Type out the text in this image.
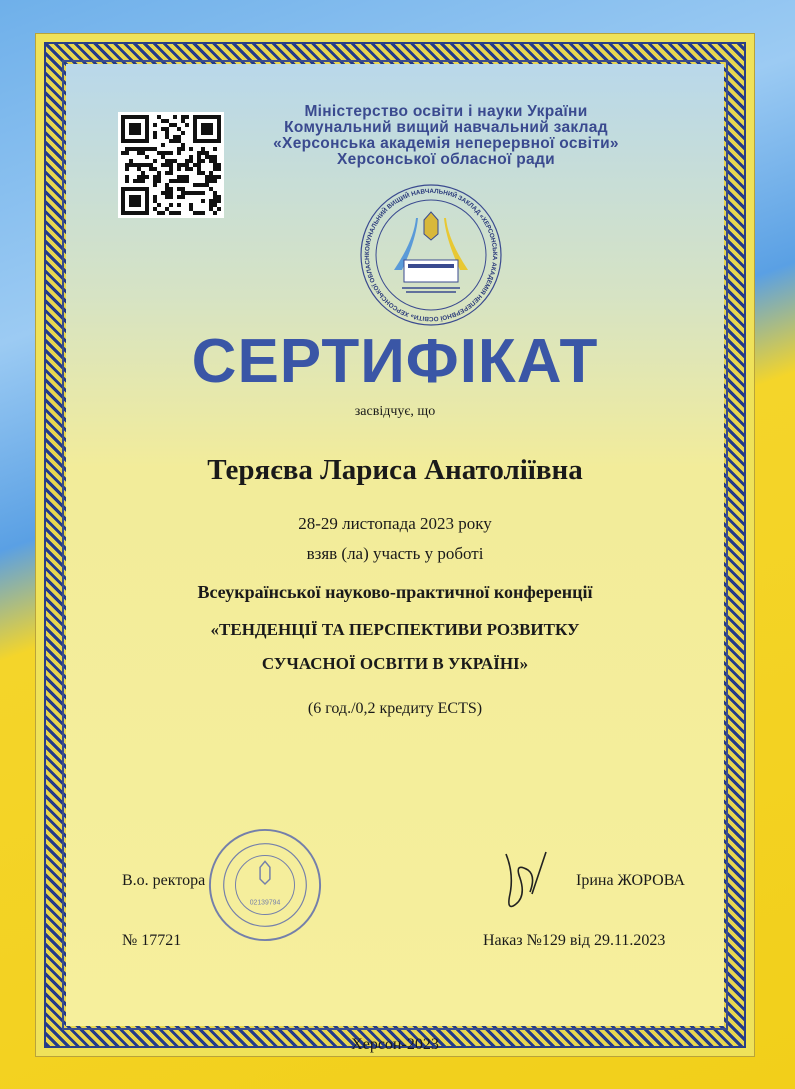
Міністерство освіти і науки України
Комунальний вищий навчальний заклад
«Херсонська академія неперервної освіти»
Херсонської обласної ради
КОМУНАЛЬНИЙ ВИЩИЙ НАВЧАЛЬНИЙ ЗАКЛАД «ХЕРСОНСЬКА АКАДЕМІЯ НЕПЕРЕРВНОЇ ОСВІТИ» ХЕРСОНСЬКОЇ ОБЛАСН
СЕРТИФІКАТ
засвідчує, що
Теряєва Лариса Анатоліївна
28-29 листопада 2023 року
взяв (ла) участь у роботі
Всеукраїнської науково-практичної конференції
«ТЕНДЕНЦІЇ ТА ПЕРСПЕКТИВИ РОЗВИТКУ
СУЧАСНОЇ ОСВІТИ В УКРАЇНІ»
(6 год./0,2 кредиту ECTS)
02139794
В.о. ректора	Ірина ЖОРОВА
№ 17721	Наказ №129 від 29.11.2023
Херсон-2023
